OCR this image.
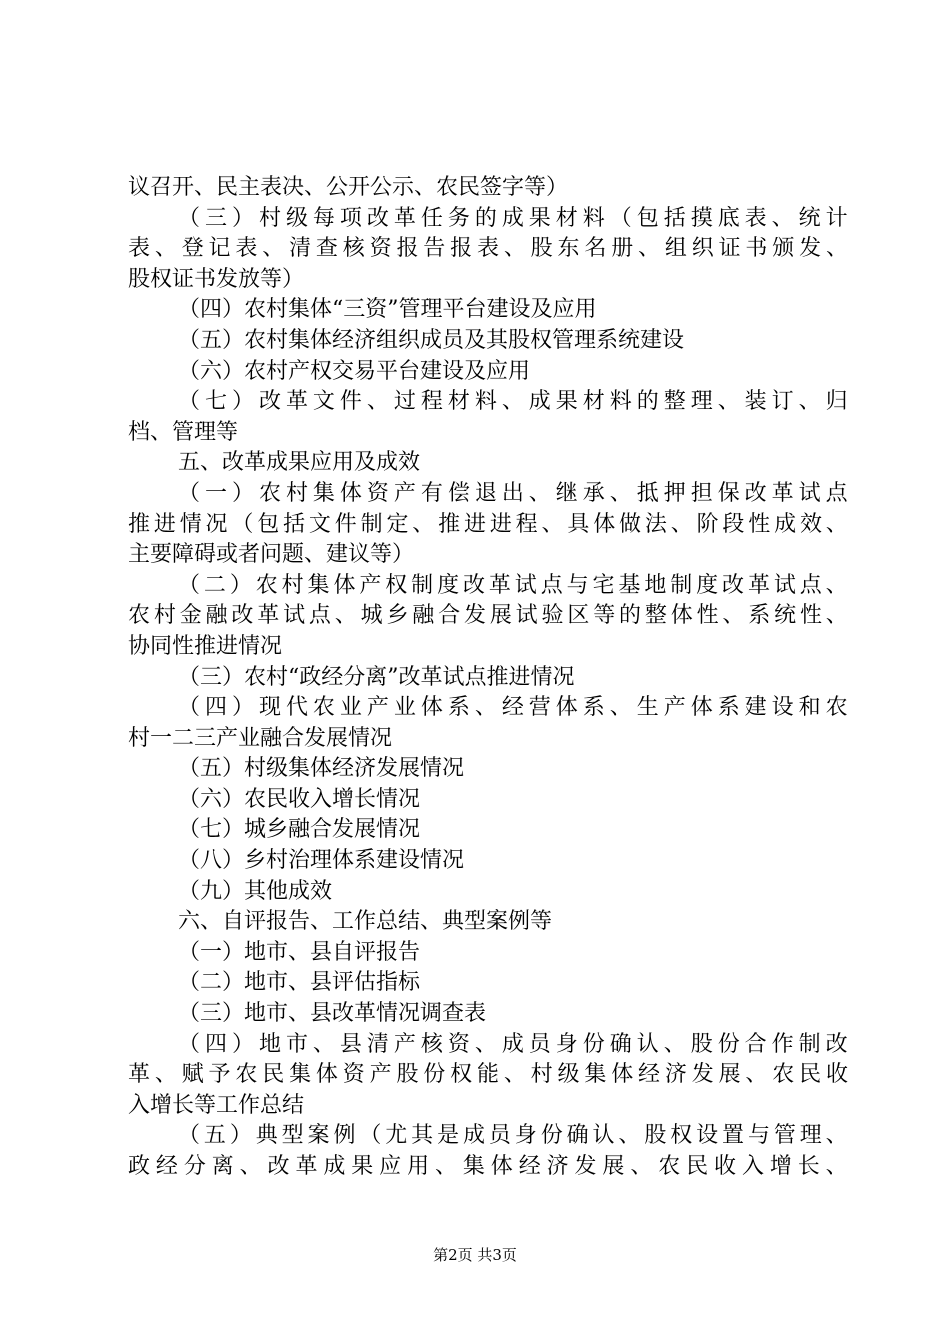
议召开、民主表决、公开公示、农民签字等）
（ 三 ） 村 级 每 项 改 革 任 务 的 成 果 材 料 （ 包 括 摸 底 表 、 统 计
表 、 登 记 表 、 清 查 核 资 报 告 报 表 、 股 东 名 册 、 组 织 证 书 颁 发 、
股权证书发放等）
（四）农村集体“三资”管理平台建设及应用
（五）农村集体经济组织成员及其股权管理系统建设
（六）农村产权交易平台建设及应用
（ 七 ） 改 革 文 件 、 过 程 材 料 、 成 果 材 料 的 整 理 、 装 订 、 归
档、管理等
五、改革成果应用及成效
（ 一 ） 农 村 集 体 资 产 有 偿 退 出 、 继 承 、 抵 押 担 保 改 革 试 点
推 进 情 况 （ 包 括 文 件 制 定 、 推 进 进 程 、 具 体 做 法 、 阶 段 性 成 效 、
主要障碍或者问题、建议等）
（ 二 ） 农 村 集 体 产 权 制 度 改 革 试 点 与 宅 基 地 制 度 改 革 试 点 、
农 村 金 融 改 革 试 点 、 城 乡 融 合 发 展 试 验 区 等 的 整 体 性 、 系 统 性 、
协同性推进情况
（三）农村“政经分离”改革试点推进情况
（ 四 ） 现 代 农 业 产 业 体 系 、 经 营 体 系 、 生 产 体 系 建 设 和 农
村一二三产业融合发展情况
（五）村级集体经济发展情况
（六）农民收入增长情况
（七）城乡融合发展情况
（八）乡村治理体系建设情况
（九）其他成效
六、自评报告、工作总结、典型案例等
（一）地市、县自评报告
（二）地市、县评估指标
（三）地市、县改革情况调查表
（ 四 ） 地 市 、 县 清 产 核 资 、 成 员 身 份 确 认 、 股 份 合 作 制 改
革 、 赋 予 农 民 集 体 资 产 股 份 权 能 、 村 级 集 体 经 济 发 展 、 农 民 收
入增长等工作总结
（ 五 ） 典 型 案 例 （ 尤 其 是 成 员 身 份 确 认 、 股 权 设 置 与 管 理 、
政 经 分 离 、 改 革 成 果 应 用 、 集 体 经 济 发 展 、 农 民 收 入 增 长 、
第2页 共3页
